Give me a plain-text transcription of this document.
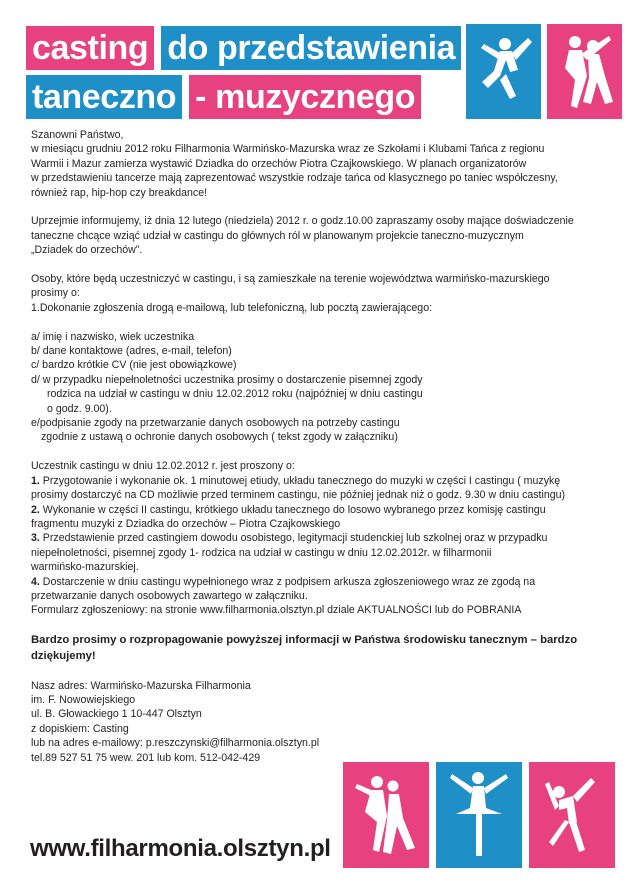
casting do przedstawienia
taneczno - muzycznego

Szanowni Państwo,

w miesiącu grudniu 2012 roku Filharmonia Warmińsko-Mazurska wraz ze Szkołami i Klubami Tańca z regionu

Warmii i Mazur zamierza wystawić Dziadka do orzechów Piotra Czajkowskiego. W planach organizatorów

w przedstawieniu tancerze mają zaprezentować wszystkie rodzaje tańca od klasycznego po taniec współczesny,

również rap, hip-hop czy breakdance!

Uprzejmie informujemy, iż dnia 12 lutego (niedziela) 2012 r. o godz.10.00 zapraszamy osoby mające doświadczenie

taneczne chcące wziąć udział w castingu do głównych ról w planowanym projekcie taneczno-muzycznym

„Dziadek do orzechów”.

Osoby, które będą uczestniczyć w castingu, i są zamieszkałe na terenie województwa warmińsko-mazurskiego

prosimy o:

1.Dokonanie zgłoszenia drogą e-mailową, lub telefoniczną, lub pocztą zawierającego:

a/ imię i nazwisko, wiek uczestnika

b/ dane kontaktowe (adres, e-mail, telefon)

c/ bardzo krótkie CV (nie jest obowiązkowe)

d/ w przypadku niepełnoletności uczestnika prosimy o dostarczenie pisemnej zgody

rodzica na udział w castingu w dniu 12.02.2012 roku (najpóźniej w dniu castingu

o godz. 9.00).

e/podpisanie zgody na przetwarzanie danych osobowych na potrzeby castingu

zgodnie z ustawą o ochronie danych osobowych ( tekst zgody w załączniku)

Uczestnik castingu w dniu 12.02.2012 r. jest proszony o:

1. Przygotowanie i wykonanie ok. 1 minutowej etiudy, układu tanecznego do muzyki w części I castingu ( muzykę

prosimy dostarczyć na CD możliwie przed terminem castingu, nie później jednak niż o godz. 9.30 w dniu castingu)

2. Wykonanie w części II castingu, krótkiego układu tanecznego do losowo wybranego przez komisję castingu

fragmentu muzyki z Dziadka do orzechów – Piotra Czajkowskiego

3. Przedstawienie przed castingiem dowodu osobistego, legitymacji studenckiej lub szkolnej oraz w przypadku

niepełnoletności, pisemnej zgody 1- rodzica na udział w castingu w dniu 12.02.2012r. w filharmonii

warmińsko-mazurskiej.

4. Dostarczenie w dniu castingu wypełnionego wraz z podpisem arkusza zgłoszeniowego wraz ze zgodą na

przetwarzanie danych osobowych zawartego w załączniku.

Formularz zgłoszeniowy: na stronie www.filharmonia.olsztyn.pl dziale AKTUALNOŚCI lub do POBRANIA

Bardzo prosimy o rozpropagowanie powyższej informacji w Państwa środowisku tanecznym – bardzo

dziękujemy!

Nasz adres: Warmińsko-Mazurska Filharmonia

im. F. Nowowiejskiego

ul. B. Głowackiego 1 10-447 Olsztyn

z dopiskiem: Casting

lub na adres e-mailowy: p.reszczynski@filharmonia.olsztyn.pl

tel.89 527 51 75 wew. 201 lub kom. 512-042-429

www.filharmonia.olsztyn.pl
